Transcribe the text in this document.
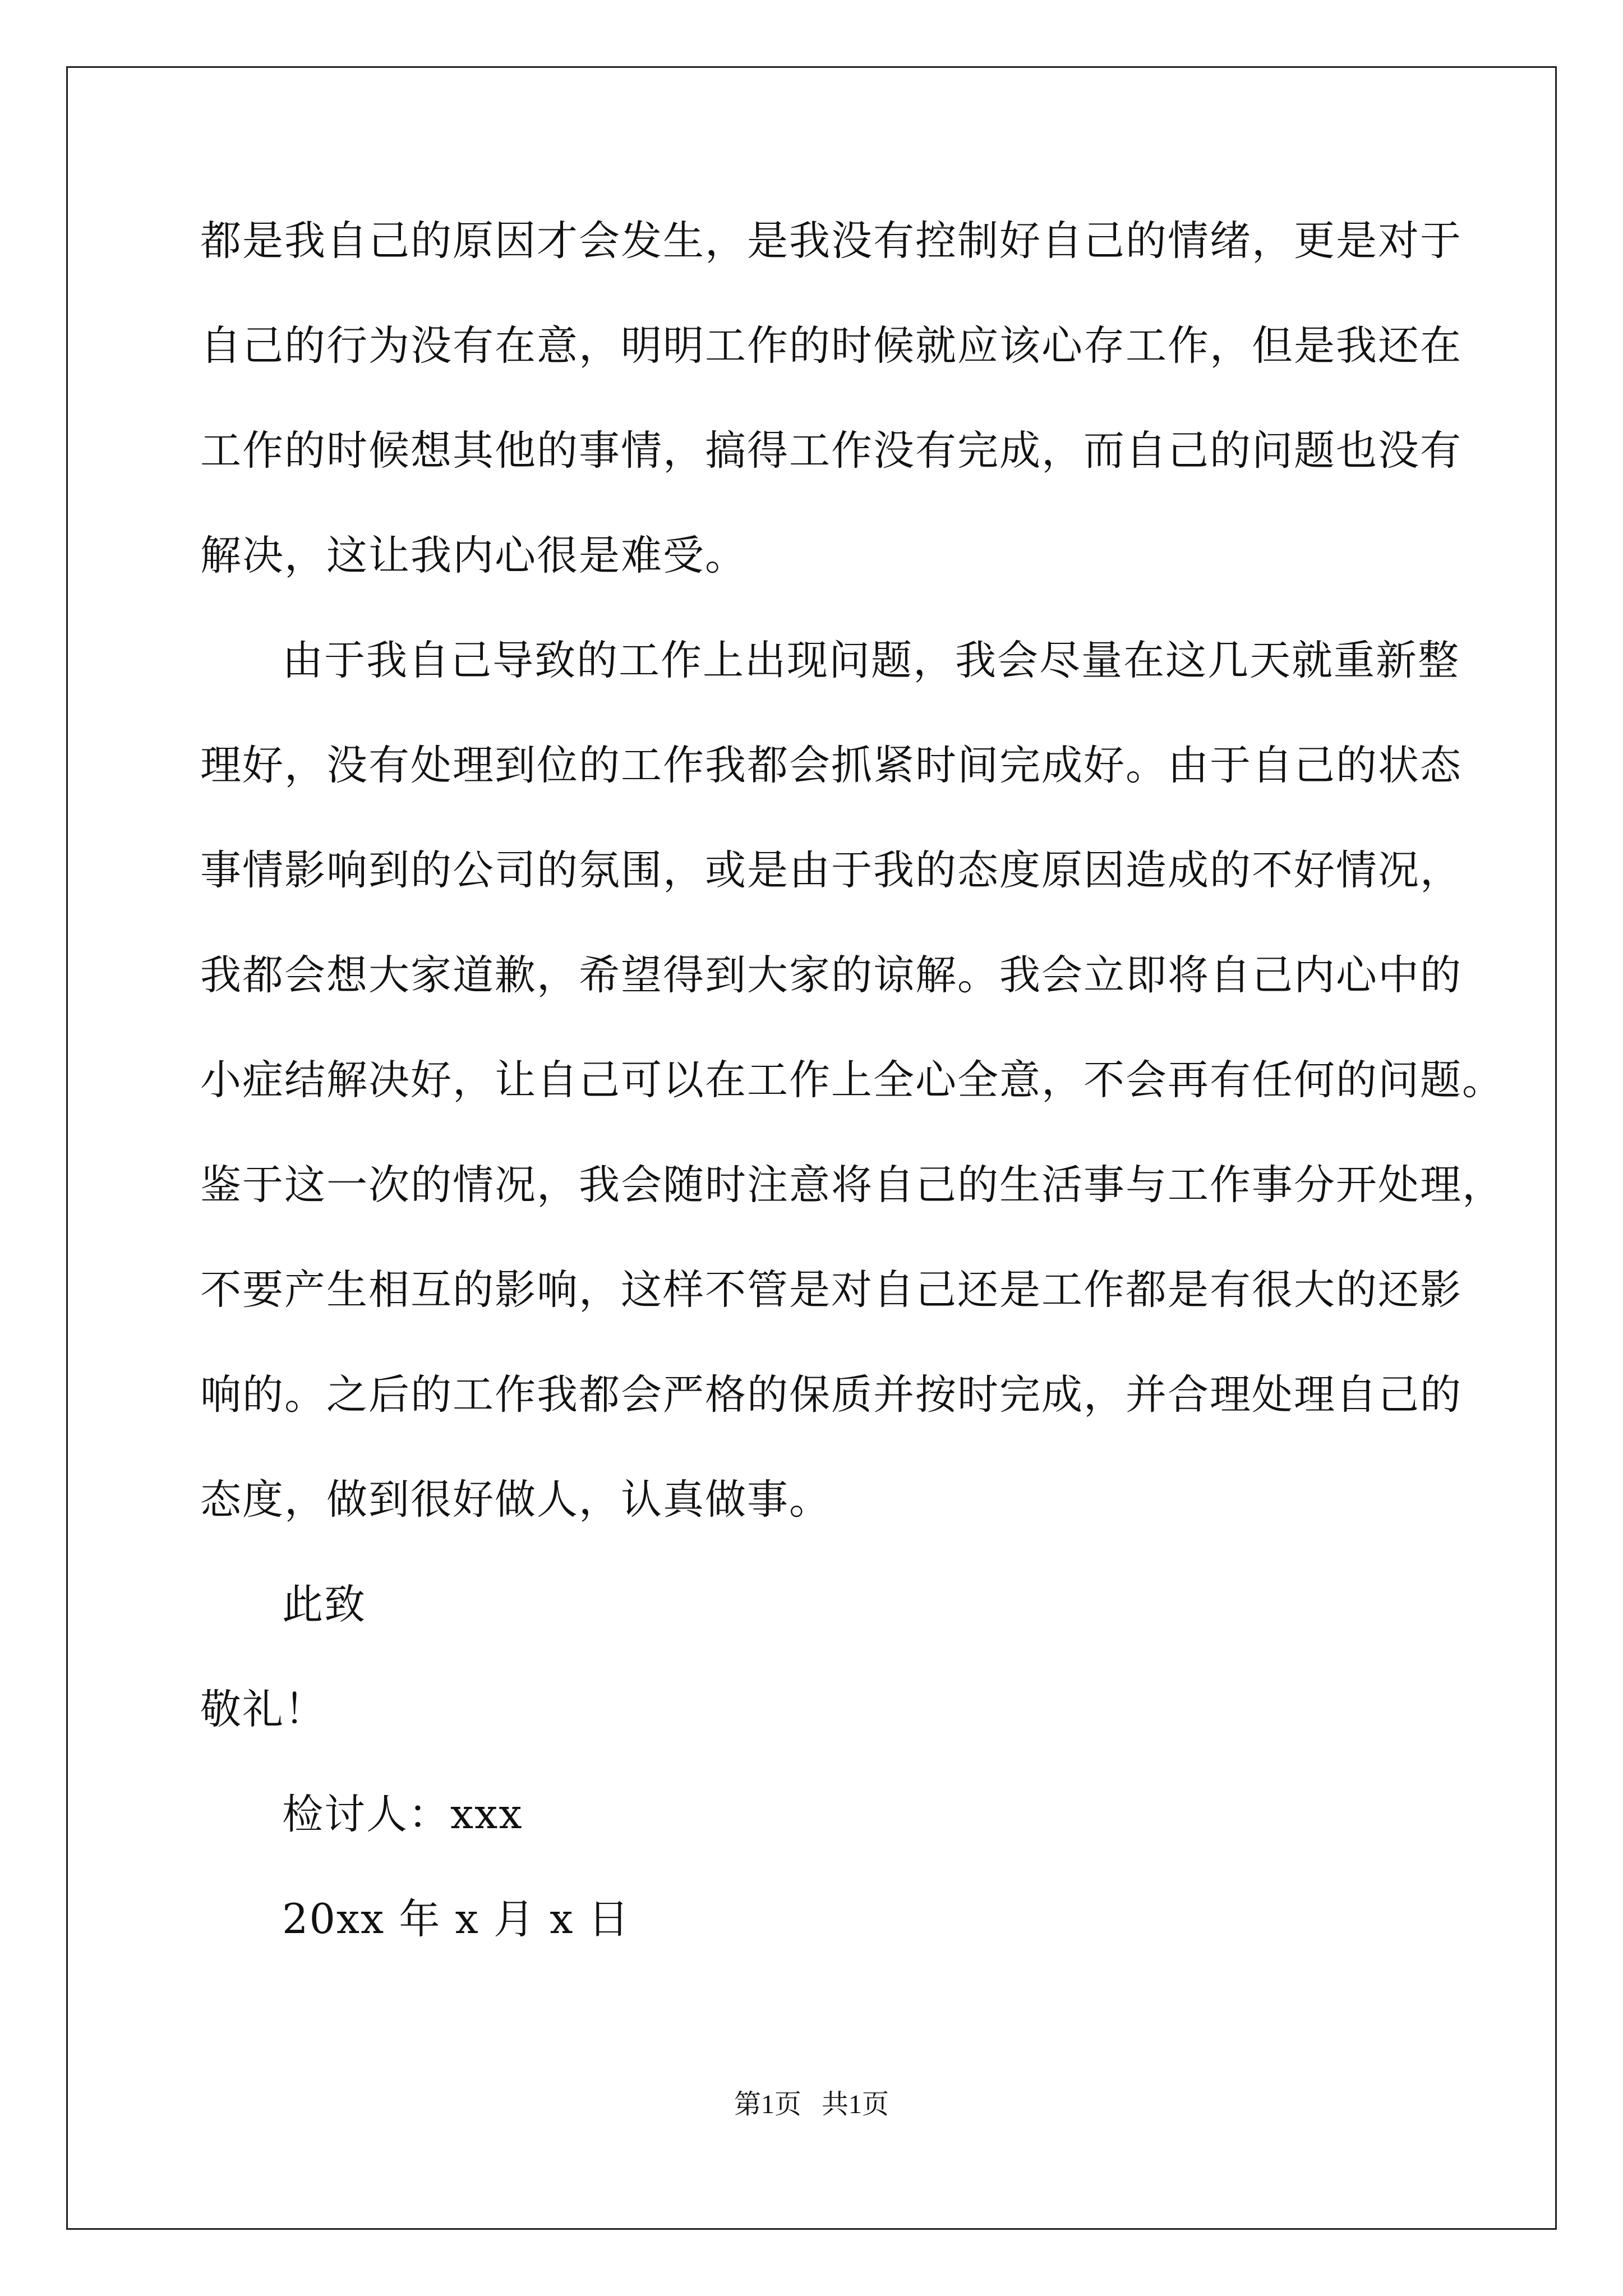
都是我自己的原因才会发生，是我没有控制好自己的情绪，更是对于
自己的行为没有在意，明明工作的时候就应该心存工作，但是我还在
工作的时候想其他的事情，搞得工作没有完成，而自己的问题也没有
解决，这让我内心很是难受。
由于我自己导致的工作上出现问题，我会尽量在这几天就重新整
理好，没有处理到位的工作我都会抓紧时间完成好。由于自己的状态
事情影响到的公司的氛围，或是由于我的态度原因造成的不好情况，
我都会想大家道歉，希望得到大家的谅解。我会立即将自己内心中的
小症结解决好，让自己可以在工作上全心全意，不会再有任何的问题。
鉴于这一次的情况，我会随时注意将自己的生活事与工作事分开处理，
不要产生相互的影响，这样不管是对自己还是工作都是有很大的还影
响的。之后的工作我都会严格的保质并按时完成，并合理处理自己的
态度，做到很好做人，认真做事。
此致
敬礼！
检讨人：xxx
20xx 年 x 月 x 日
第1页   共1页
